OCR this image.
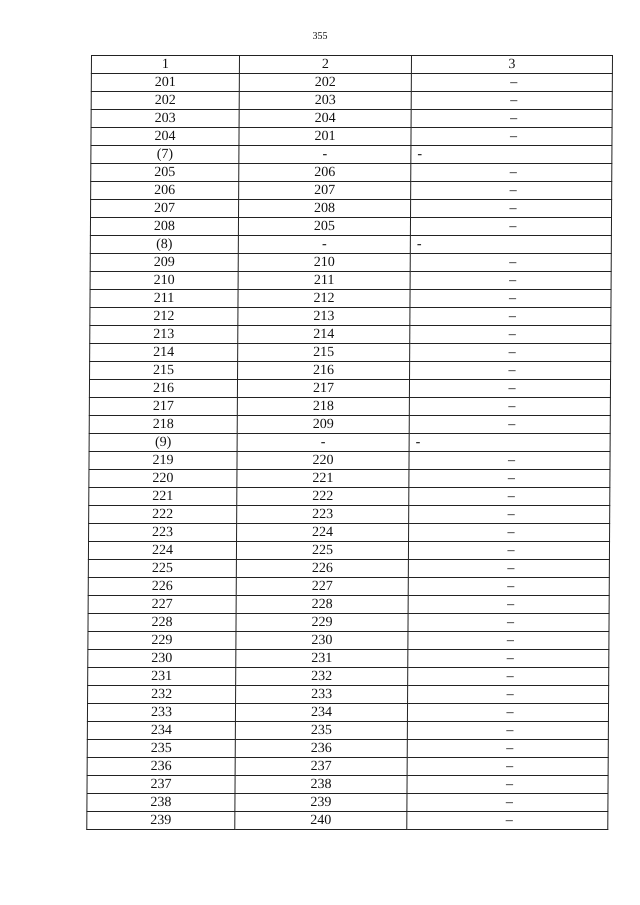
355
1	2	3
201	202	–
202	203	–
203	204	–
204	201	–
(7)	-	-
205	206	–
206	207	–
207	208	–
208	205	–
(8)	-	-
209	210	–
210	211	–
211	212	–
212	213	–
213	214	–
214	215	–
215	216	–
216	217	–
217	218	–
218	209	–
(9)	-	-
219	220	–
220	221	–
221	222	–
222	223	–
223	224	–
224	225	–
225	226	–
226	227	–
227	228	–
228	229	–
229	230	–
230	231	–
231	232	–
232	233	–
233	234	–
234	235	–
235	236	–
236	237	–
237	238	–
238	239	–
239	240	–
